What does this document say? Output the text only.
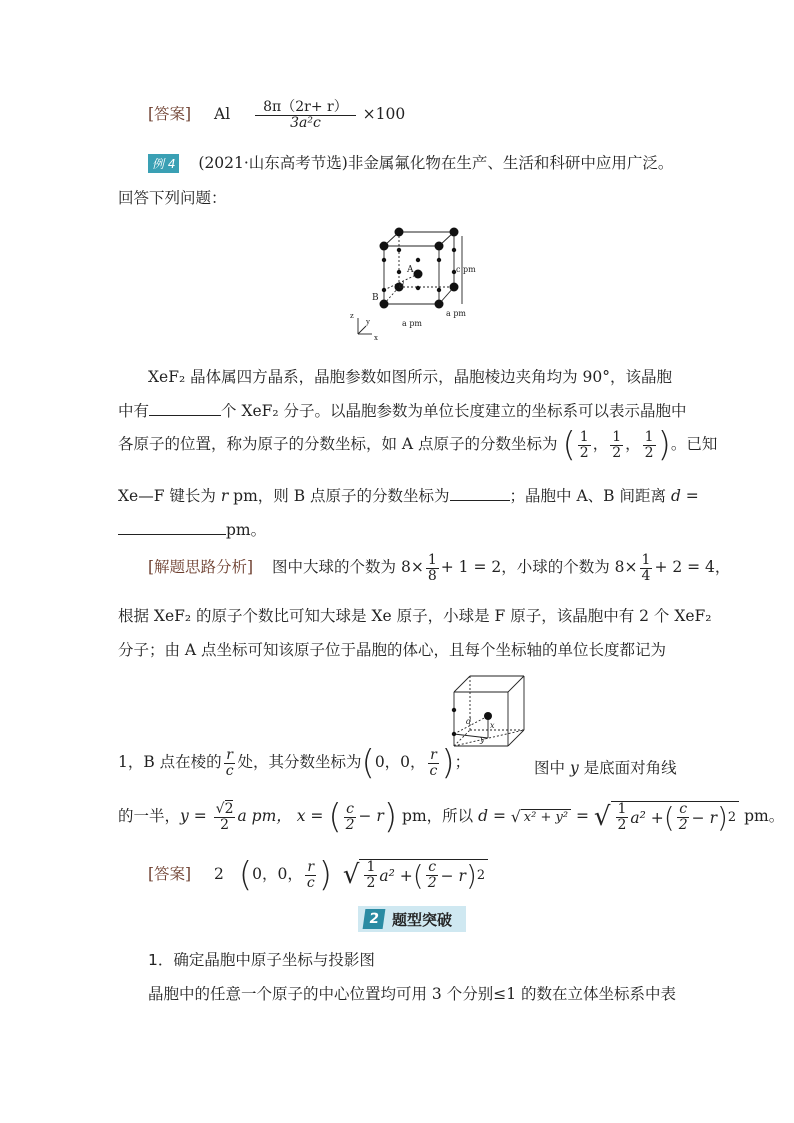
[答案] Al $\frac{8\pi(2r+ r)}{\text{3a²c}} \times 100$
例 4 (2021·山东高考节选)非金属氟化物在生产、生活和科研中应用广泛。
回答下列问题：
A
B
d
c pm
a pm
a pm
z
y
x
XeF₂ 晶体属四方晶系，晶胞参数如图所示，晶胞棱边夹角均为 90°，该晶胞
中有	个 XeF₂ 分子。以晶胞参数为单位长度建立的坐标系可以表示晶胞中
各原子的位置，称为原子的分数坐标，如 A 点原子的分数坐标为 ( $\frac{1}{2}$ ， $\frac{1}{2}$ ， $\frac{1}{2}$ )。已知
Xe—F 键长为 r pm，则 B 点原子的分数坐标为	；晶胞中 A、B 间距离 d =
pm。
[解题思路分析] 图中大球的个数为 $8\times \frac{1}{8} + 1 = 2$，小球的个数为 $8\times \frac{1}{4} + 2 = 4$，
根据 XeF₂ 的原子个数比可知大球是 Xe 原子，小球是 F 原子，该晶胞中有 2 个 XeF₂
分子；由 A 点坐标可知该原子位于晶胞的体心，且每个坐标轴的单位长度都记为
d x
y
1，B 点在棱的 $\frac{r}{c}$ 处，其分数坐标为(0，0， $\frac{r}{c}$ )；	图中 y 是底面对角线
的一半，$y = \frac{√2}{2}$ a pm， x = ( $\frac{c}{2} - r$) pm，所以 d = √ x² + y² = √ $\frac{1}{2} a^2$ + ( $\frac{c}{2} - r$ ) 2 pm。
[答案] 2 (0，0， $\frac{r}{c}$ ) √ $\frac{1}{2} a^2$ + ( $\frac{c}{2} - r$ ) 2
2 题型突破
1．确定晶胞中原子坐标与投影图
晶胞中的任意一个原子的中心位置均可用 3 个分别≤1 的数在立体坐标系中表
